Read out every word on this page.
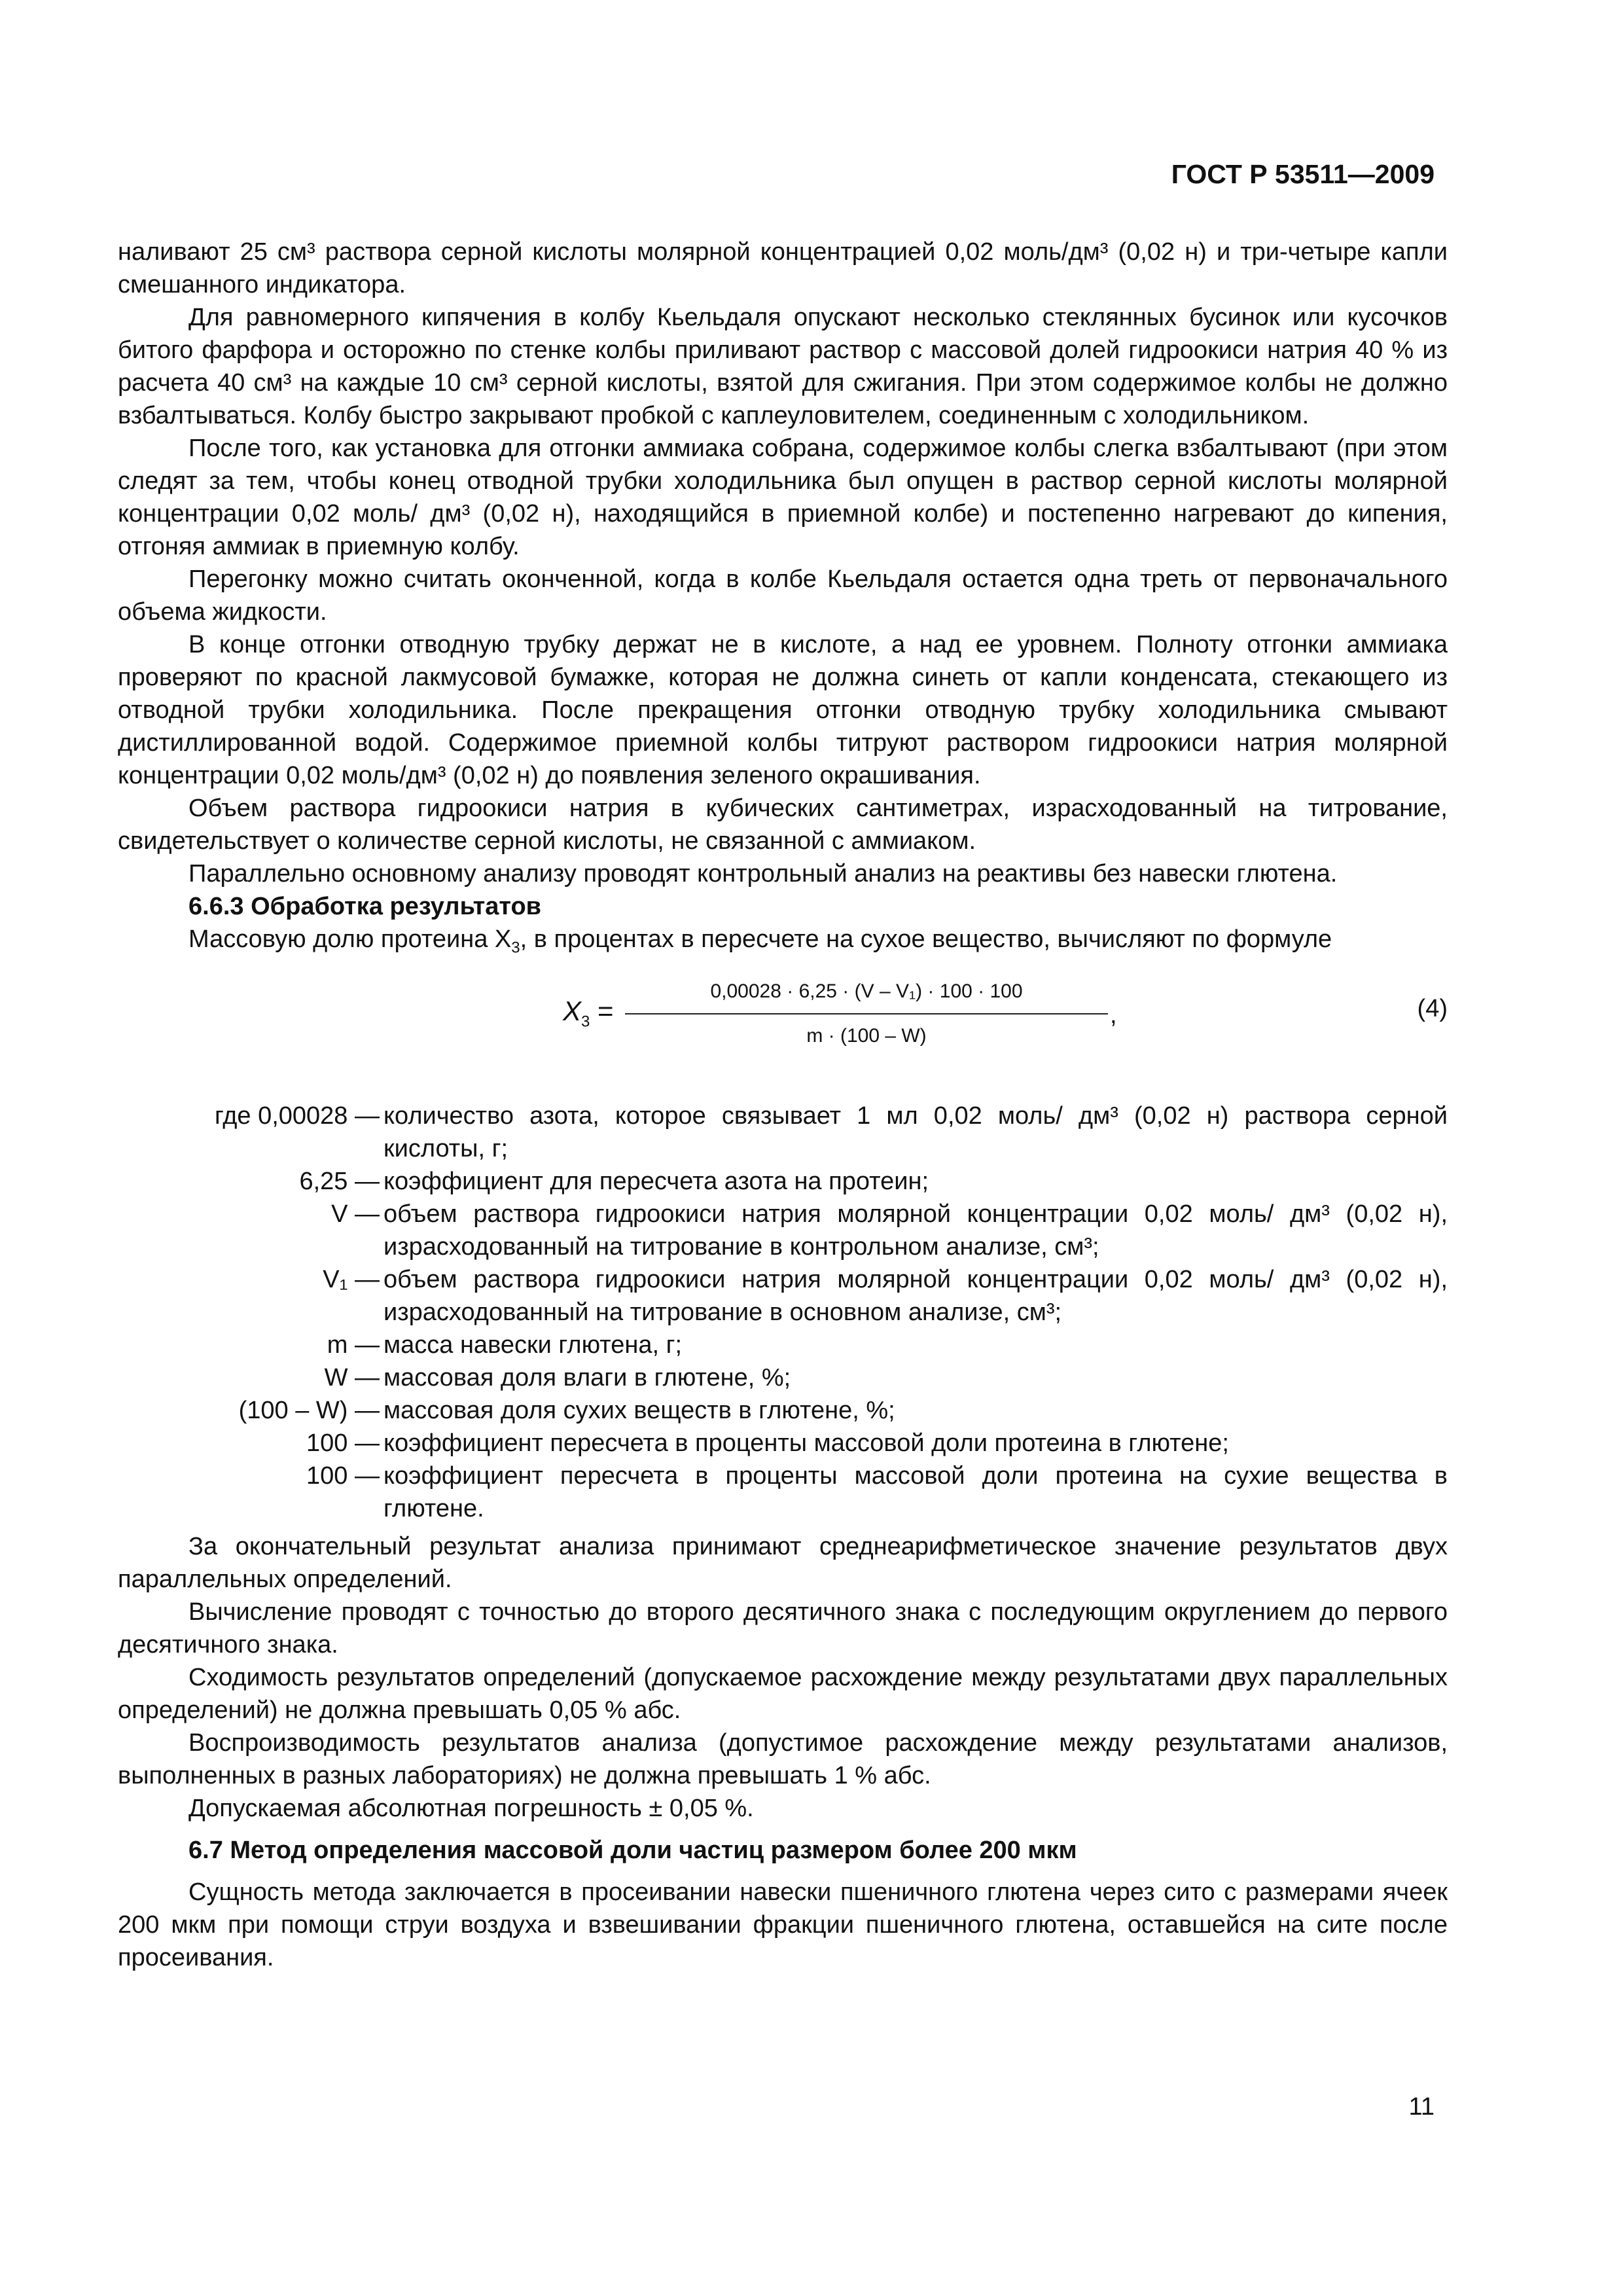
ГОСТ Р 53511—2009

наливают 25 см³ раствора серной кислоты молярной концентрацией 0,02 моль/дм³ (0,02 н) и три-четыре капли смешанного индикатора.

Для равномерного кипячения в колбу Кьельдаля опускают несколько стеклянных бусинок или кусочков битого фарфора и осторожно по стенке колбы приливают раствор с массовой долей гидроокиси натрия 40 % из расчета 40 см³ на каждые 10 см³ серной кислоты, взятой для сжигания. При этом содержимое колбы не должно взбалтываться. Колбу быстро закрывают пробкой с каплеуловителем, соединенным с холодильником.

После того, как установка для отгонки аммиака собрана, содержимое колбы слегка взбалтывают (при этом следят за тем, чтобы конец отводной трубки холодильника был опущен в раствор серной кислоты молярной концентрации 0,02 моль/ дм³ (0,02 н), находящийся в приемной колбе) и постепенно нагревают до кипения, отгоняя аммиак в приемную колбу.

Перегонку можно считать оконченной, когда в колбе Кьельдаля остается одна треть от первоначального объема жидкости.

В конце отгонки отводную трубку держат не в кислоте, а над ее уровнем. Полноту отгонки аммиака проверяют по красной лакмусовой бумажке, которая не должна синеть от капли конденсата, стекающего из отводной трубки холодильника. После прекращения отгонки отводную трубку холодильника смывают дистиллированной водой. Содержимое приемной колбы титруют раствором гидроокиси натрия молярной концентрации 0,02 моль/дм³ (0,02 н) до появления зеленого окрашивания.

Объем раствора гидроокиси натрия в кубических сантиметрах, израсходованный на титрование, свидетельствует о количестве серной кислоты, не связанной с аммиаком.

Параллельно основному анализу проводят контрольный анализ на реактивы без навески глютена.

6.6.3 Обработка результатов

Массовую долю протеина $X_3$, в процентах в пересчете на сухое вещество, вычисляют по формуле

$X_3 = \frac{\text{0,00028 · 6,25 · (V – V₁) · 100 · 100}}{m \cdot (100 - W)}$ ,	(4)
где 0,00028 — количество азота, которое связывает 1 мл 0,02 моль/ дм³ (0,02 н) раствора серной кислоты, г;
6,25 — коэффициент для пересчета азота на протеин;
V — объем раствора гидроокиси натрия молярной концентрации 0,02 моль/ дм³ (0,02 н), израсходованный на титрование в контрольном анализе, см³;
V₁ — объем раствора гидроокиси натрия молярной концентрации 0,02 моль/ дм³ (0,02 н), израсходованный на титрование в основном анализе, см³;
m — масса навески глютена, г;
W — массовая доля влаги в глютене, %;
(100 – W) — массовая доля сухих веществ в глютене, %;
100 — коэффициент пересчета в проценты массовой доли протеина в глютене;
100 — коэффициент пересчета в проценты массовой доли протеина на сухие вещества в глютене.

За окончательный результат анализа принимают среднеарифметическое значение результатов двух параллельных определений.

Вычисление проводят с точностью до второго десятичного знака с последующим округлением до первого десятичного знака.

Сходимость результатов определений (допускаемое расхождение между результатами двух параллельных определений) не должна превышать 0,05 % абс.

Воспроизводимость результатов анализа (допустимое расхождение между результатами анализов, выполненных в разных лабораториях) не должна превышать 1 % абс.

Допускаемая абсолютная погрешность ± 0,05 %.

6.7 Метод определения массовой доли частиц размером более 200 мкм

Сущность метода заключается в просеивании навески пшеничного глютена через сито с размерами ячеек 200 мкм при помощи струи воздуха и взвешивании фракции пшеничного глютена, оставшейся на сите после просеивания.

11
